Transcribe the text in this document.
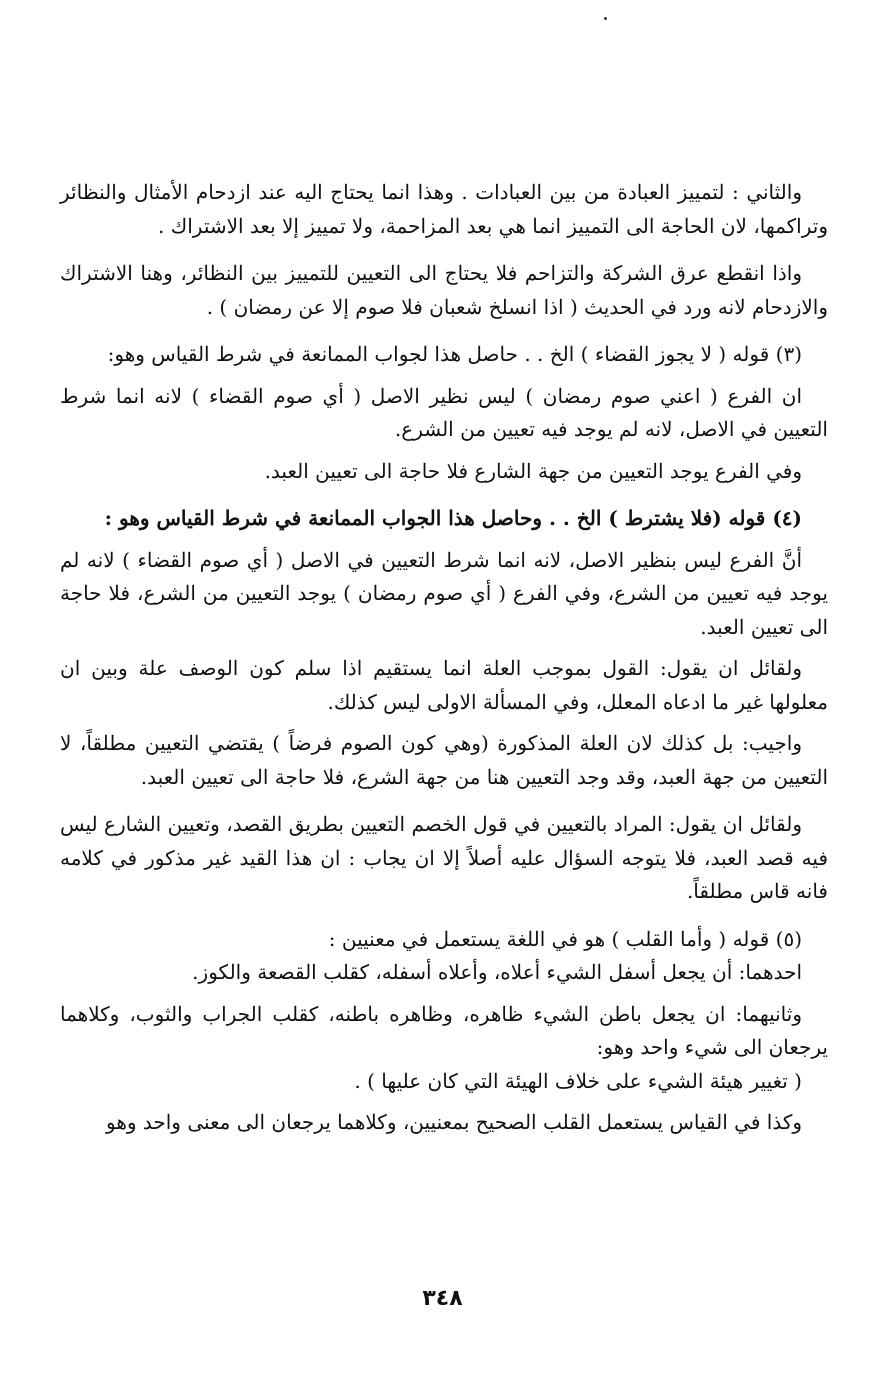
والثاني : لتمييز العبادة من بين العبادات . وهذا انما يحتاج اليه عند ازدحام الأمثال والنظائر وتراكمها، لان الحاجة الى التمييز انما هي بعد المزاحمة، ولا تمييز إلا بعد الاشتراك .

واذا انقطع عرق الشركة والتزاحم فلا يحتاج الى التعيين للتمييز بين النظائر، وهنا الاشتراك والازدحام لانه ورد في الحديث ( اذا انسلخ شعبان فلا صوم إلا عن رمضان ) .

(٣) قوله ( لا يجوز القضاء ) الخ . . حاصل هذا لجواب الممانعة في شرط القياس وهو:

ان الفرع ( اعني صوم رمضان ) ليس نظير الاصل ( أي صوم القضاء ) لانه انما شرط التعيين في الاصل، لانه لم يوجد فيه تعيين من الشرع.

وفي الفرع يوجد التعيين من جهة الشارع فلا حاجة الى تعيين العبد.

(٤) قوله (فلا يشترط ) الخ . . وحاصل هذا الجواب الممانعة في شرط القياس وهو :

أنَّ الفرع ليس بنظير الاصل، لانه انما شرط التعيين في الاصل ( أي صوم القضاء ) لانه لم يوجد فيه تعيين من الشرع، وفي الفرع ( أي صوم رمضان ) يوجد التعيين من الشرع، فلا حاجة الى تعيين العبد.

ولقائل ان يقول: القول بموجب العلة انما يستقيم اذا سلم كون الوصف علة وبين ان معلولها غير ما ادعاه المعلل، وفي المسألة الاولى ليس كذلك.

واجيب: بل كذلك لان العلة المذكورة (وهي كون الصوم فرضاً ) يقتضي التعيين مطلقاً، لا التعيين من جهة العبد، وقد وجد التعيين هنا من جهة الشرع، فلا حاجة الى تعيين العبد.

ولقائل ان يقول: المراد بالتعيين في قول الخصم التعيين بطريق القصد، وتعيين الشارع ليس فيه قصد العبد، فلا يتوجه السؤال عليه أصلاً إلا ان يجاب : ان هذا القيد غير مذكور في كلامه فانه قاس مطلقاً.

(٥) قوله ( وأما القلب ) هو في اللغة يستعمل في معنيين :

احدهما: أن يجعل أسفل الشيء أعلاه، وأعلاه أسفله، كقلب القصعة والكوز.

وثانيهما: ان يجعل باطن الشيء ظاهره، وظاهره باطنه، كقلب الجراب والثوب، وكلاهما يرجعان الى شيء واحد وهو:

( تغيير هيئة الشيء على خلاف الهيئة التي كان عليها ) .

وكذا في القياس يستعمل القلب الصحيح بمعنيين، وكلاهما يرجعان الى معنى واحد وهو

٣٤٨
